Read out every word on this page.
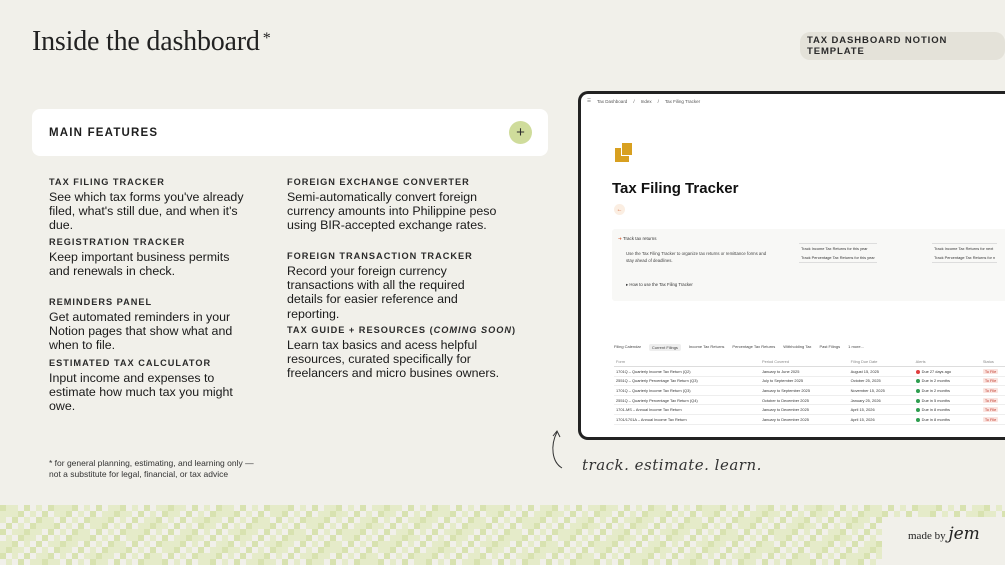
Inside the dashboard *	TAX DASHBOARD NOTION TEMPLATE
MAIN FEATURES	+
TAX FILING TRACKER
See which tax forms you've already filed, what's still due, and when it's due.
REGISTRATION TRACKER
Keep important business permits and renewals in check.
REMINDERS PANEL
Get automated reminders in your Notion pages that show what and when to file.
ESTIMATED TAX CALCULATOR
Input income and expenses to estimate how much tax you might owe.
FOREIGN EXCHANGE CONVERTER
Semi-automatically convert foreign currency amounts into Philippine peso using BIR-accepted exchange rates.
FOREIGN TRANSACTION TRACKER
Record your foreign currency transactions with all the required details for easier reference and reporting.
TAX GUIDE + RESOURCES (COMING SOON)
Learn tax basics and acess helpful resources, curated specifically for freelancers and micro busines owners.
* for general planning, estimating, and learning only — not a substitute for legal, financial, or tax advice
☰ Tax Dashboard / Index / Tax Filing Tracker
Tax Filing Tracker
←
➜ Track tax returns
Use the Tax Filing Tracker to organize tax returns or remittance forms and stay ahead of deadlines.
▸ How to use the Tax Filing Tracker
Track Income Tax Returns for this year
Track Percentage Tax Returns for this year
Track Income Tax Returns for next
Track Percentage Tax Returns for n
Filing Calendar	Current Filings	Income Tax Returns Percentage Tax Returns Withholding Tax Past Filings 1 more...
Form	Period Covered	Filing Due Date	Alerts	Status
1701Q – Quarterly Income Tax Return (Q2)	January to June 2025	August 15, 2025	Due 27 days ago	To File
2551Q – Quarterly Percentage Tax Return (Q3)	July to September 2025	October 25, 2025	Due in 2 months	To File
1701Q – Quarterly Income Tax Return (Q3)	January to September 2025	November 15, 2025	Due in 2 months	To File
2551Q – Quarterly Percentage Tax Return (Q4)	October to December 2025	January 25, 2026	Due in 5 months	To File
1701-MS – Annual Income Tax Return	January to December 2025	April 15, 2026	Due in 8 months	To File
1701/1701A – Annual Income Tax Return	January to December 2025	April 15, 2026	Due in 8 months	To File
track. estimate. learn.
made by jem
